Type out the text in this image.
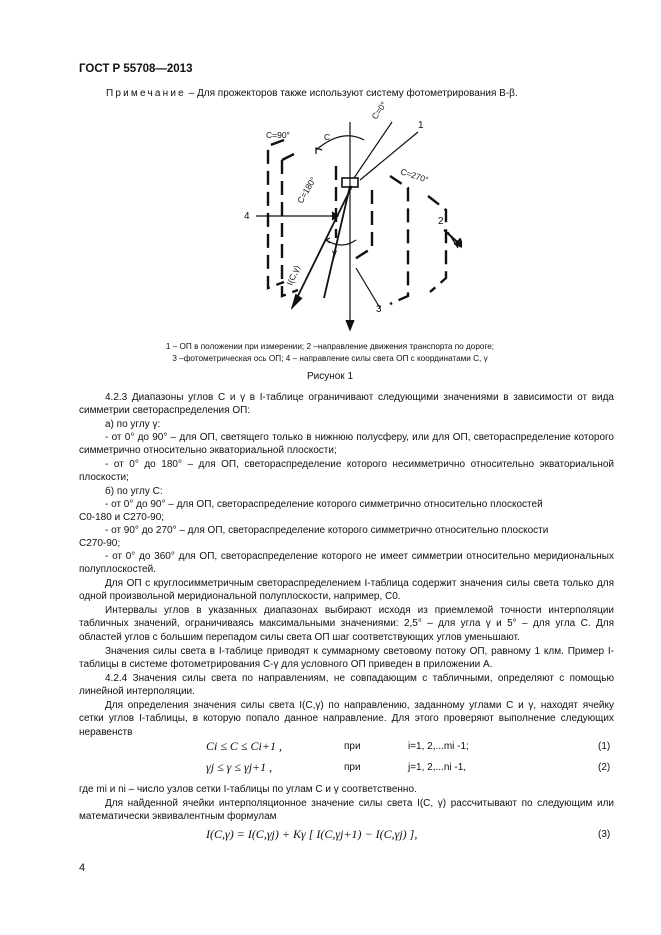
ГОСТ Р 55708—2013
Примечание – Для прожекторов также используют систему фотометрирования B-β.
C=90°	C
C=0°
1
C=180°	C=270°
4	2
γ
I(C,γ)
3
1 – ОП в положении при измерении; 2 –направление движения транспорта по дороге;
3 –фотометрическая ось ОП; 4 – направление силы света ОП с координатами C, γ
Рисунок 1

4.2.3 Диапазоны углов C и γ в I-таблице ограничивают следующими значениями в зависимости от вида симметрии светораспределения ОП:

а) по углу γ:

- от 0° до 90° – для ОП, светящего только в нижнюю полусферу, или для ОП, светораспределение которого симметрично относительно экваториальной плоскости;

- от 0° до 180° – для ОП, светораспределение которого несимметрично относительно экваториальной плоскости;

б) по углу C:

- от 0° до 90° – для ОП, светораспределение которого симметрично относительно плоскостей

C0-180 и C270-90;

- от 90° до 270° – для ОП, светораспределение которого симметрично относительно плоскости

C270-90;

- от 0° до 360° для ОП, светораспределение которого не имеет симметрии относительно меридиональных полуплоскостей.

Для ОП с круглосимметричным светораспределением I-таблица содержит значения силы света только для одной произвольной меридиональной полуплоскости, например, C0.

Интервалы углов в указанных диапазонах выбирают исходя из приемлемой точности интерполяции табличных значений, ограничиваясь максимальными значениями: 2,5° – для угла γ и 5° – для угла C. Для областей углов с большим перепадом силы света ОП шаг соответствующих углов уменьшают.

Значения силы света в I-таблице приводят к суммарному световому потоку ОП, равному 1 клм. Пример I-таблицы в системе фотометрирования C-γ для условного ОП приведен в приложении А.

4.2.4 Значения силы света по направлениям, не совпадающим с табличными, определяют с помощью линейной интерполяции.

Для определения значения силы света I(C,γ) по направлению, заданному углами C и γ, находят ячейку сетки углов I-таблицы, в которую попало данное направление. Для этого проверяют выполнение следующих неравенств

Ci ≤ C ≤ Ci+1 ,	при	i=1, 2,...mi -1;	(1)
γj ≤ γ ≤ γj+1 ,	при	j=1, 2,...ni -1,	(2)

где mi и ni – число узлов сетки I-таблицы по углам C и γ соответственно.

Для найденной ячейки интерполяционное значение силы света I(C, γ) рассчитывают по следующим или математически эквивалентным формулам

I(C,γ) = I(C,γj) + Kγ [ I(C,γj+1) − I(C,γj) ],	(3)
4
